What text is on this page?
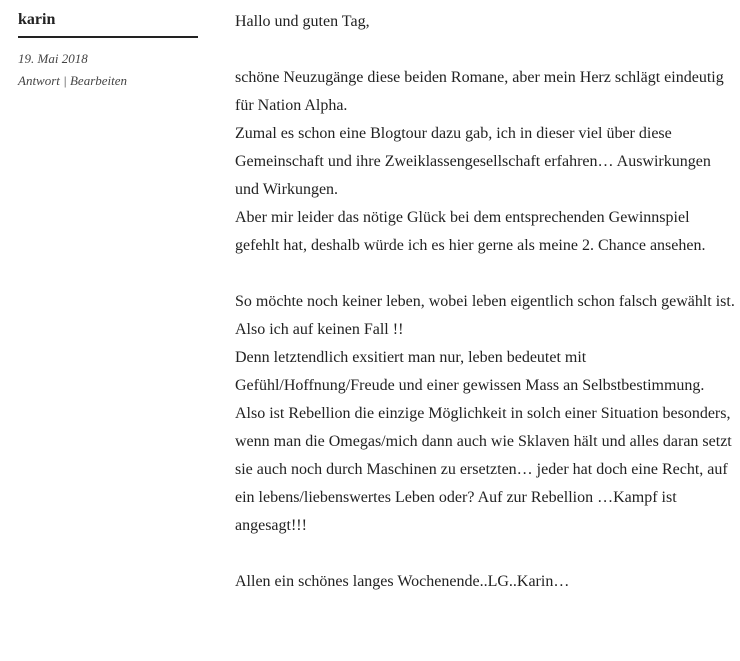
karin
19. Mai 2018
Antwort | Bearbeiten

Hallo und guten Tag,

schöne Neuzugänge diese beiden Romane, aber mein Herz schlägt eindeutig für Nation Alpha.

Zumal es schon eine Blogtour dazu gab, ich in dieser viel über diese Gemeinschaft und ihre Zweiklassengesellschaft erfahren… Auswirkungen und Wirkungen.

Aber mir leider das nötige Glück bei dem entsprechenden Gewinnspiel gefehlt hat, deshalb würde ich es hier gerne als meine 2. Chance ansehen.

So möchte noch keiner leben, wobei leben eigentlich schon falsch gewählt ist. Also ich auf keinen Fall !!

Denn letztendlich exsitiert man nur, leben bedeutet mit Gefühl/Hoffnung/Freude und einer gewissen Mass an Selbstbestimmung.

Also ist Rebellion die einzige Möglichkeit in solch einer Situation besonders, wenn man die Omegas/mich dann auch wie Sklaven hält und alles daran setzt sie auch noch durch Maschinen zu ersetzten… jeder hat doch eine Recht, auf ein lebens/liebenswertes Leben oder? Auf zur Rebellion …Kampf ist angesagt!!!

Allen ein schönes langes Wochenende..LG..Karin…
